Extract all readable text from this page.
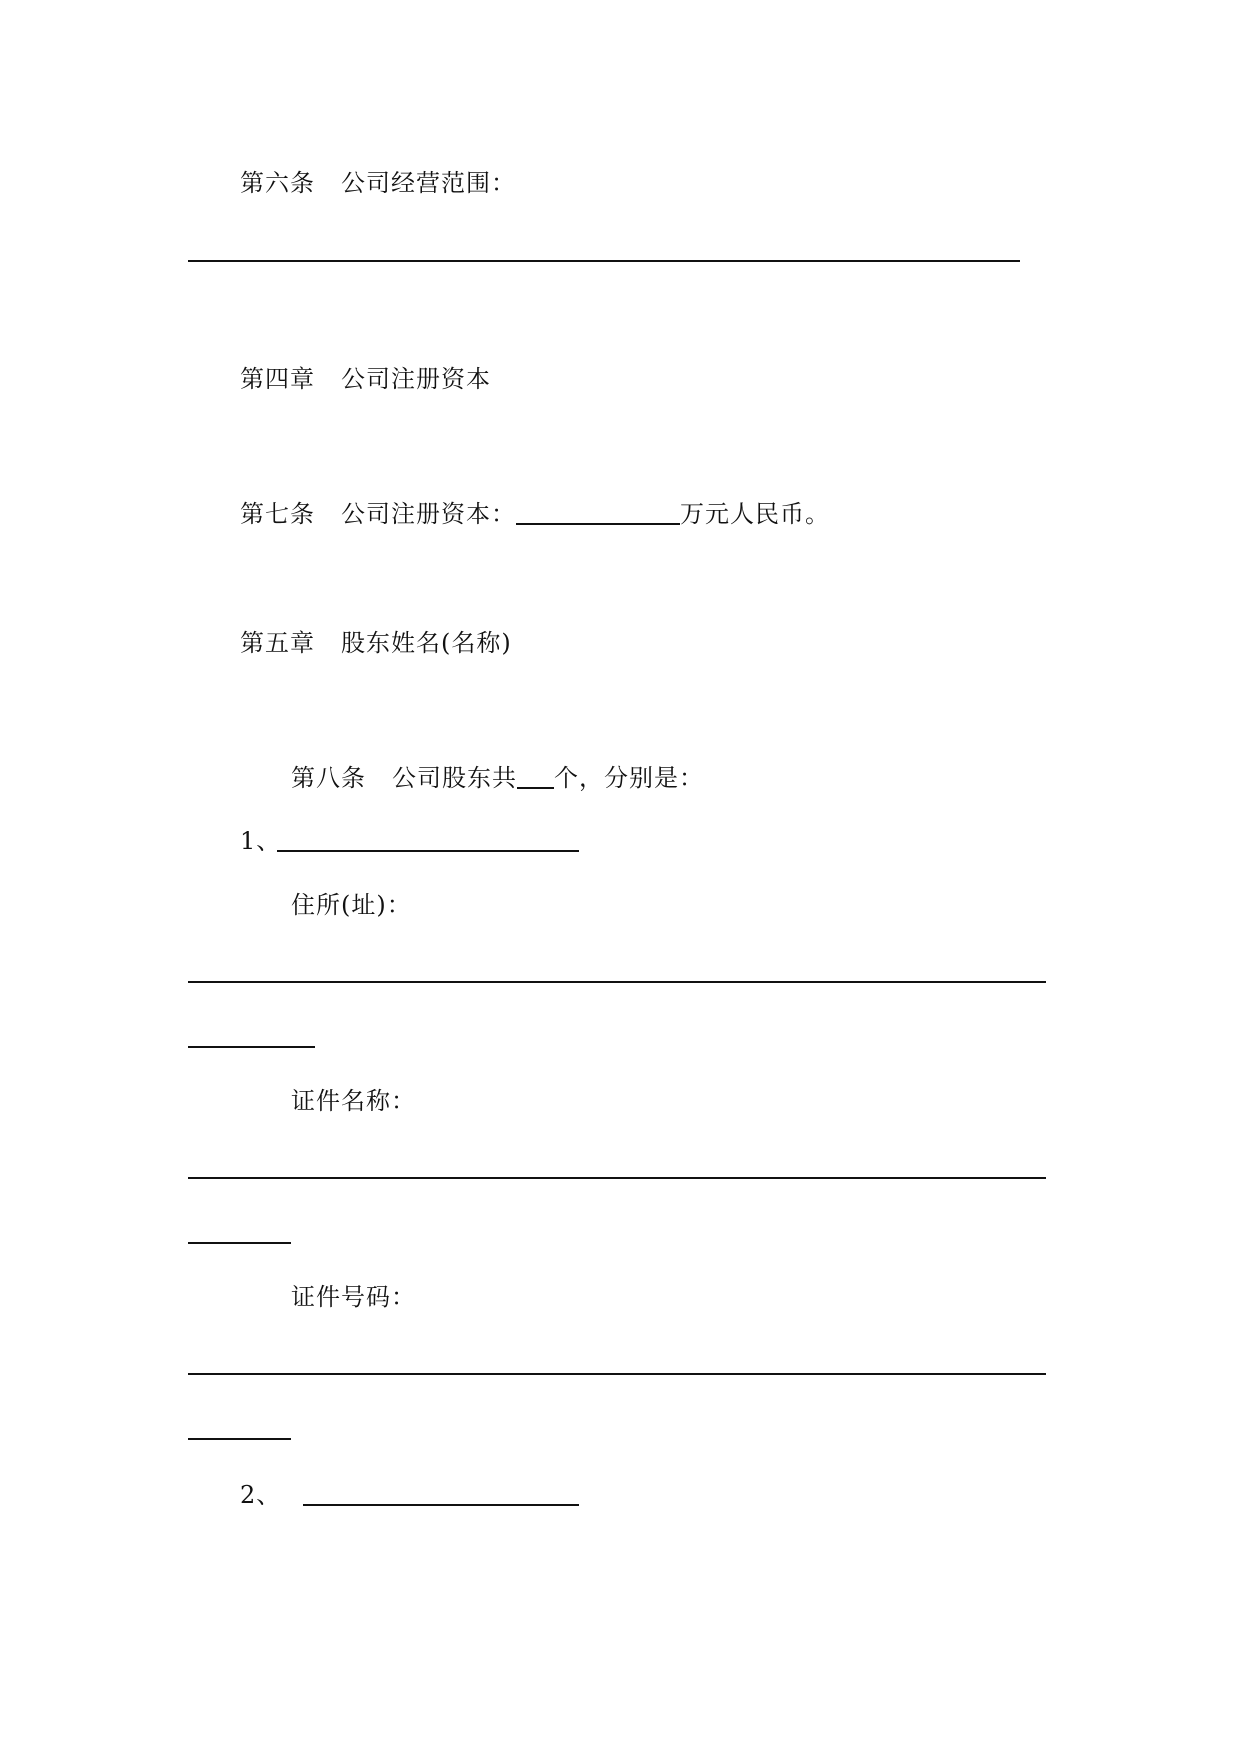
第六条 公司经营范围：
第四章 公司注册资本
第七条 公司注册资本：	万元人民币。
第五章 股东姓名(名称)
第八条 公司股东共 个，分别是：
1、
住所(址)：
证件名称：
证件号码：
2、
